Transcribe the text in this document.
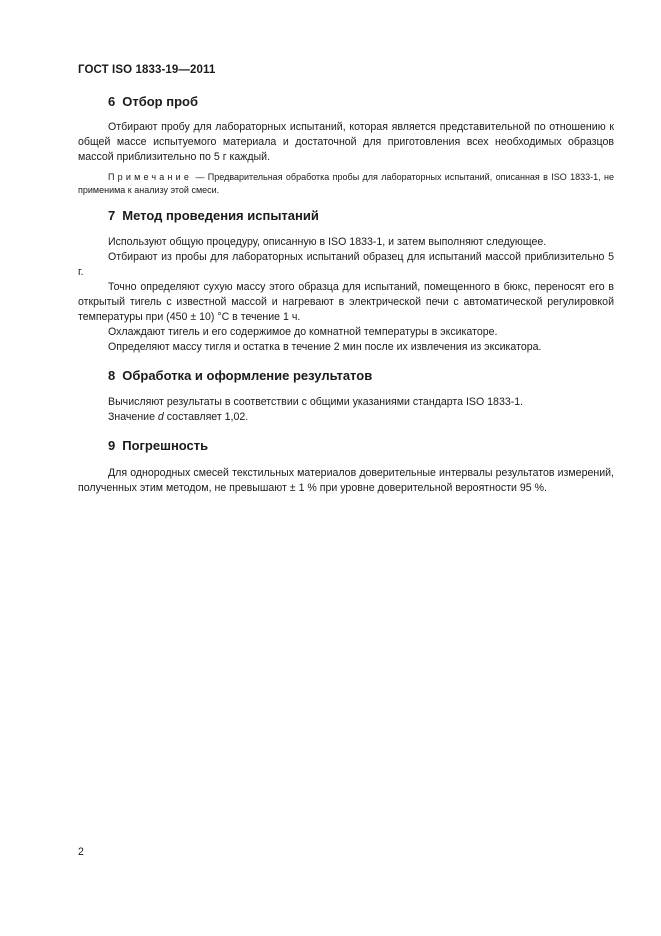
ГОСТ ISO 1833-19—2011
6 Отбор проб

Отбирают пробу для лабораторных испытаний, которая является представительной по отношению к общей массе испытуемого материала и достаточной для приготовления всех необходимых образцов массой приблизительно по 5 г каждый.

Примечание — Предварительная обработка пробы для лабораторных испытаний, описанная в ISO 1833-1, не применима к анализу этой смеси.

7 Метод проведения испытаний

Используют общую процедуру, описанную в ISO 1833-1, и затем выполняют следующее.

Отбирают из пробы для лабораторных испытаний образец для испытаний массой приблизительно 5 г.

Точно определяют сухую массу этого образца для испытаний, помещенного в бюкс, переносят его в открытый тигель с известной массой и нагревают в электрической печи с автоматической регулировкой температуры при (450 ± 10) °С в течение 1 ч.

Охлаждают тигель и его содержимое до комнатной температуры в эксикаторе.

Определяют массу тигля и остатка в течение 2 мин после их извлечения из эксикатора.

8 Обработка и оформление результатов

Вычисляют результаты в соответствии с общими указаниями стандарта ISO 1833-1.

Значение d составляет 1,02.

9 Погрешность

Для однородных смесей текстильных материалов доверительные интервалы результатов измерений, полученных этим методом, не превышают ± 1 % при уровне доверительной вероятности 95 %.

2
